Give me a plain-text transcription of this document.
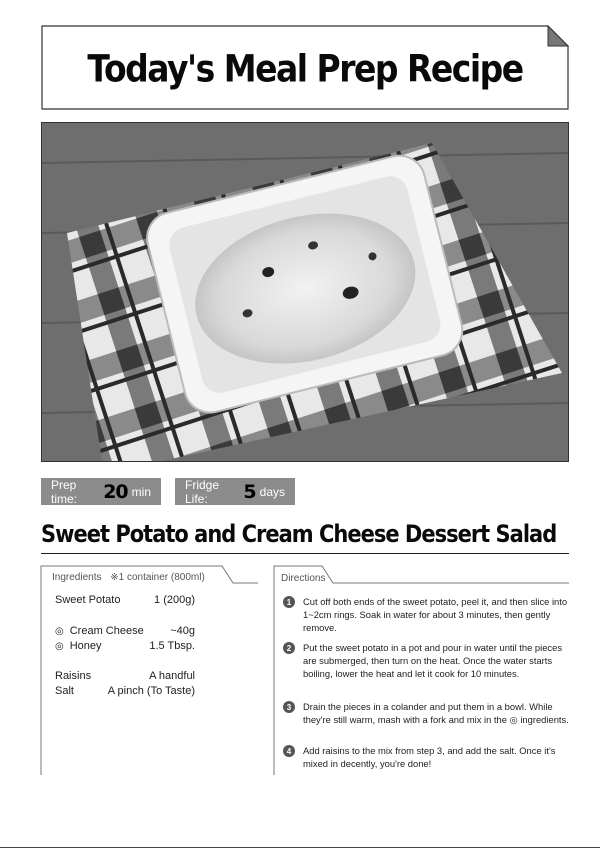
Today's Meal Prep Recipe
Prep time:	20 min	Fridge Life:	5 days
Sweet Potato and Cream Cheese Dessert Salad
Ingredients ※1 container (800ml)
Sweet Potato	1 (200g)
◎ Cream Cheese ~40g
◎ Honey	1.5 Tbsp.
Raisins	A handful
Salt	A pinch (To Taste)
Directions
1	Cut off both ends of the sweet potato, peel it, and then slice into 1~2cm rings. Soak in water for about 3 minutes, then gently remove.
2	Put the sweet potato in a pot and pour in water until the pieces are submerged, then turn on the heat. Once the water starts boiling, lower the heat and let it cook for 10 minutes.
3	Drain the pieces in a colander and put them in a bowl. While they're still warm, mash with a fork and mix in the ◎ ingredients.
4	Add raisins to the mix from step 3, and add the salt. Once it's mixed in decently, you're done!
